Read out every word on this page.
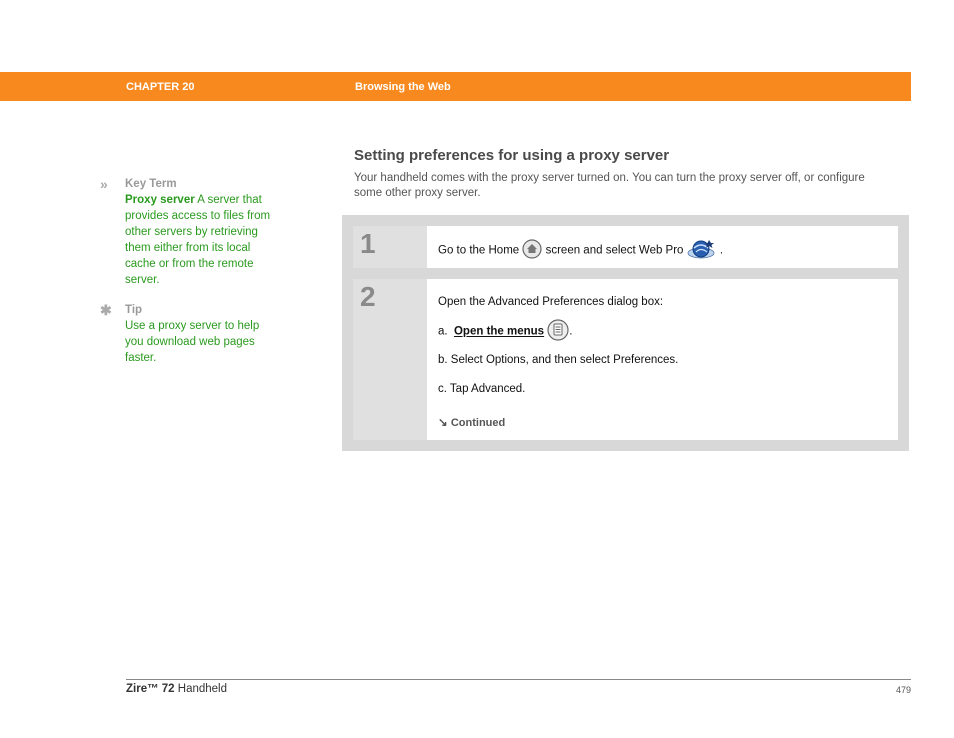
CHAPTER 20	Browsing the Web
» Key Term
Proxy server A server that provides access to files from other servers by retrieving them either from its local cache or from the remote server.
✱ Tip
Use a proxy server to help you download web pages faster.
Setting preferences for using a proxy server
Your handheld comes with the proxy server turned on. You can turn the proxy server off, or configure some other proxy server.
1	Go to the Home screen and select Web Pro	.
2	Open the Advanced Preferences dialog box:
a. Open the menus .
b. Select Options, and then select Preferences.
c. Tap Advanced.
↘ Continued
Zire™ 72 Handheld	479
